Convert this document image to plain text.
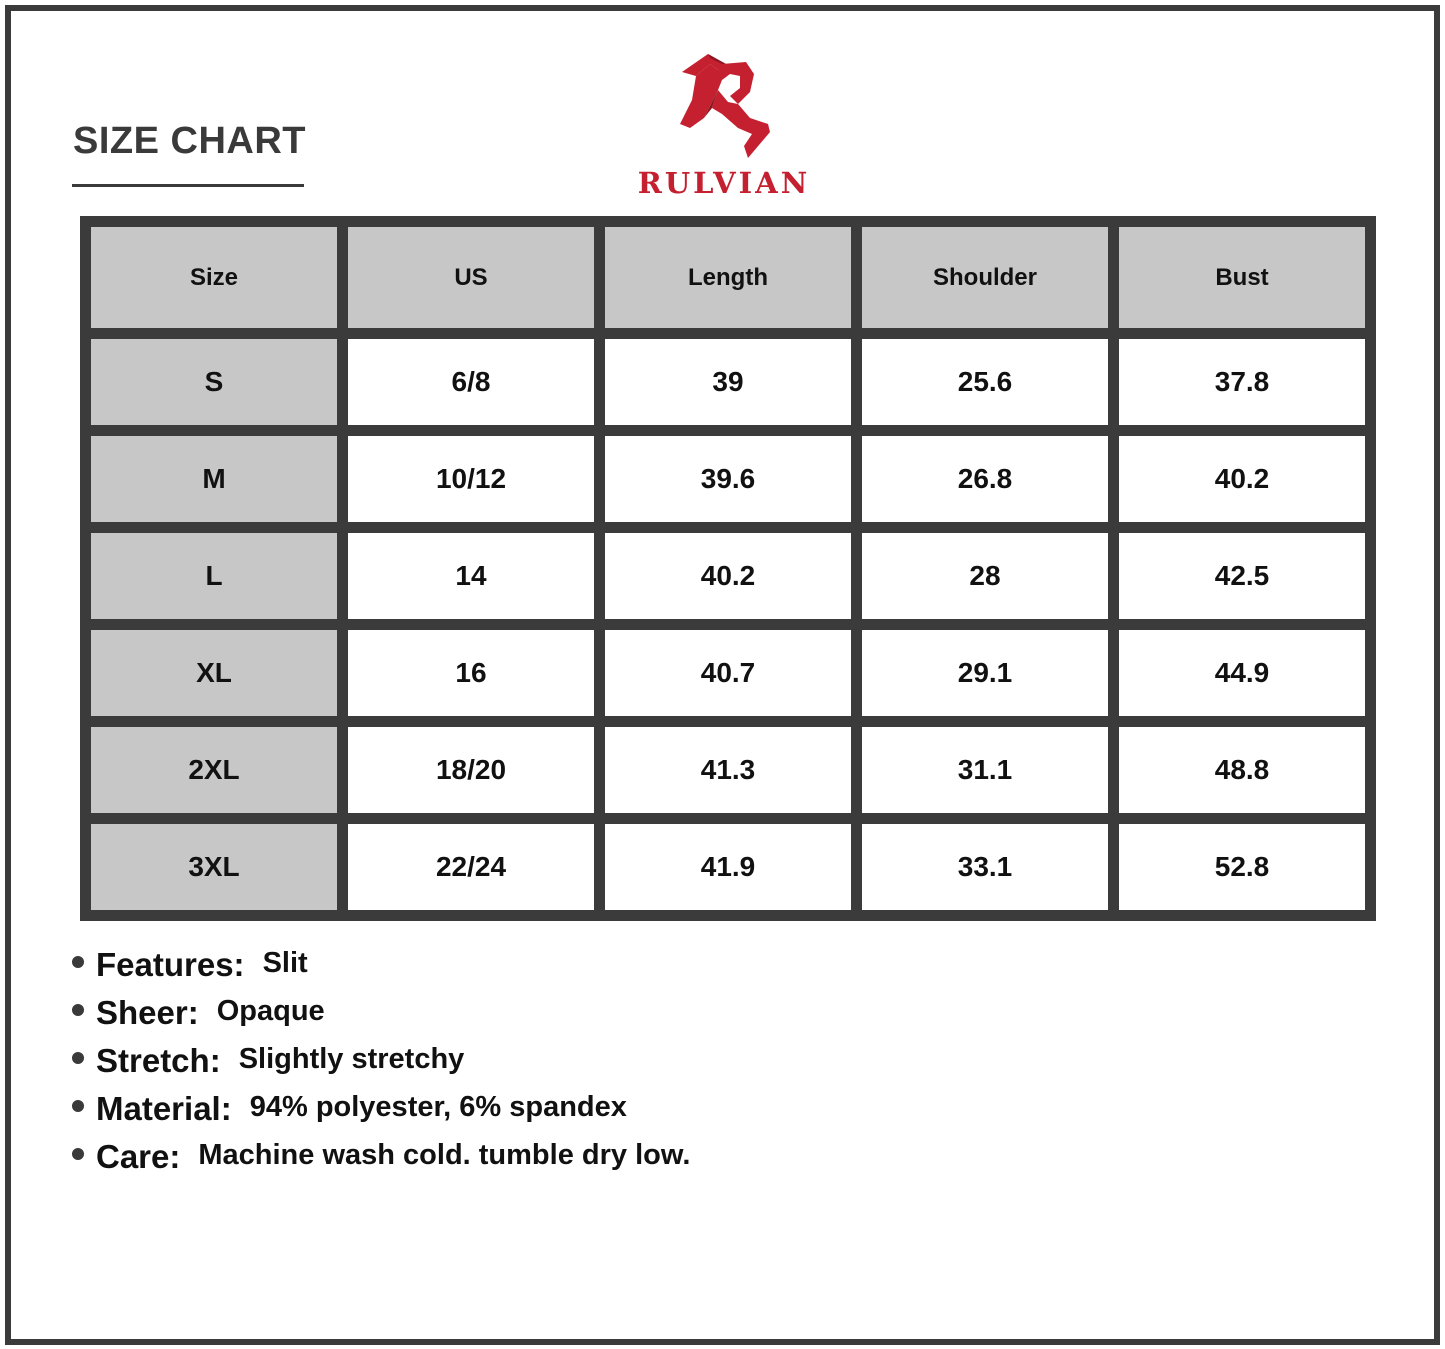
SIZE CHART
RULVIAN
Size	US	Length	Shoulder	Bust
S	6/8	39	25.6	37.8
M	10/12	39.6	26.8	40.2
L	14	40.2	28	42.5
XL	16	40.7	29.1	44.9
2XL	18/20	41.3	31.1	48.8
3XL	22/24	41.9	33.1	52.8
Features: Slit
Sheer: Opaque
Stretch: Slightly stretchy
Material: 94% polyester, 6% spandex
Care: Machine wash cold. tumble dry low.
